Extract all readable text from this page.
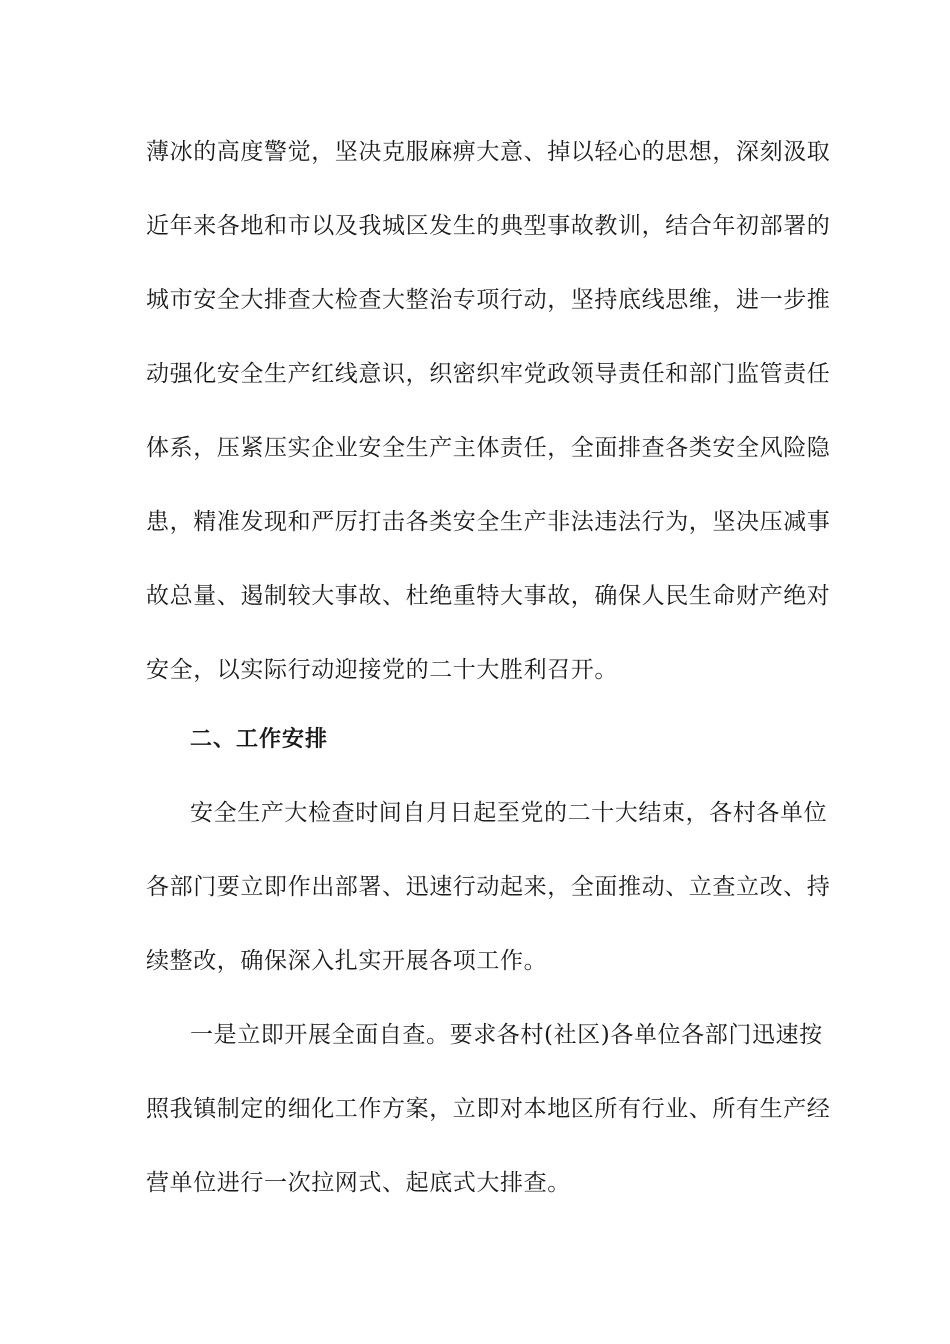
薄冰的高度警觉，坚决克服麻痹大意、掉以轻心的思想，深刻汲取
近年来各地和市以及我城区发生的典型事故教训，结合年初部署的
城市安全大排查大检查大整治专项行动，坚持底线思维，进一步推
动强化安全生产红线意识，织密织牢党政领导责任和部门监管责任
体系，压紧压实企业安全生产主体责任，全面排查各类安全风险隐
患，精准发现和严厉打击各类安全生产非法违法行为，坚决压减事
故总量、遏制较大事故、杜绝重特大事故，确保人民生命财产绝对
安全，以实际行动迎接党的二十大胜利召开。
二、工作安排
安全生产大检查时间自月日起至党的二十大结束，各村各单位
各部门要立即作出部署、迅速行动起来，全面推动、立查立改、持
续整改，确保深入扎实开展各项工作。
一是立即开展全面自查。要求各村(社区)各单位各部门迅速按
照我镇制定的细化工作方案，立即对本地区所有行业、所有生产经
营单位进行一次拉网式、起底式大排查。
